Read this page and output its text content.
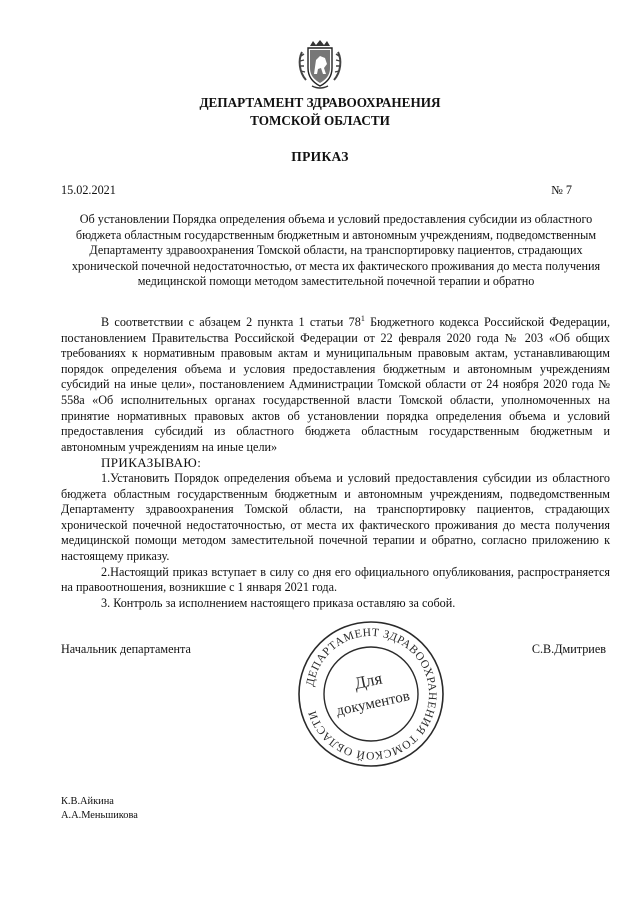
ДЕПАРТАМЕНТ ЗДРАВООХРАНЕНИЯ
ТОМСКОЙ ОБЛАСТИ
ПРИКАЗ
15.02.2021	№ 7
Об установлении Порядка определения объема и условий предоставления субсидии из областного бюджета областным государственным бюджетным и автономным учреждениям, подведомственным Департаменту здравоохранения Томской области, на транспортировку пациентов, страдающих хронической почечной недостаточностью, от места их фактического проживания до места получения медицинской помощи методом заместительной почечной терапии и обратно

В соответствии с абзацем 2 пункта 1 статьи $78^1$ Бюджетного кодекса Российской Федерации, постановлением Правительства Российской Федерации от 22 февраля 2020 года № 203 «Об общих требованиях к нормативным правовым актам и муниципальным правовым актам, устанавливающим порядок определения объема и условия предоставления бюджетным и автономным учреждениям субсидий на иные цели», постановлением Администрации Томской области от 24 ноября 2020 года № 558а «Об исполнительных органах государственной власти Томской области, уполномоченных на принятие нормативных правовых актов об установлении порядка определения объема и условий предоставления субсидий из областного бюджета областным государственным бюджетным и автономным учреждениям на иные цели»

ПРИКАЗЫВАЮ:

1.Установить Порядок определения объема и условий предоставления субсидии из областного бюджета областным государственным бюджетным и автономным учреждениям, подведомственным Департаменту здравоохранения Томской области, на транспортировку пациентов, страдающих хронической почечной недостаточностью, от места их фактического проживания до места получения медицинской помощи методом заместительной почечной терапии и обратно, согласно приложению к настоящему приказу.

2.Настоящий приказ вступает в силу со дня его официального опубликования, распространяется на правоотношения, возникшие с 1 января 2021 года.

3. Контроль за исполнением настоящего приказа оставляю за собой.

Начальник департамента	С.В.Дмитриев
ДЕПАРТАМЕНТ ЗДРАВООХРАНЕНИЯ ТОМСКОЙ ОБЛАСТИ
Для
документов
К.В.Айкина
А.А.Меньшикова
